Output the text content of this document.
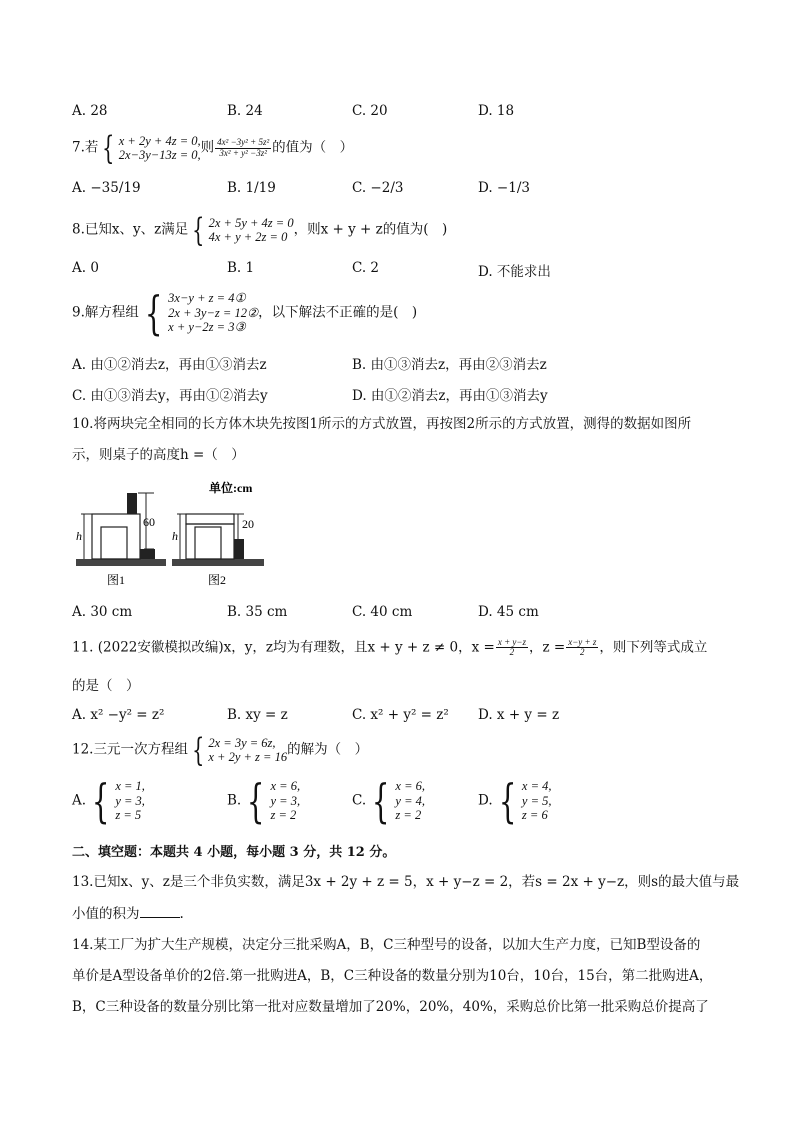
A. 28	B. 24	C. 20	D. 18
7.若 { x + 2y + 4z = 0,
2x−3y−13z = 0, 则 $\frac{\text{4x² −3y² + 5z²}}{\text{3x² + y² −3z²}}$ 的值为（　）
A. −35/19	B. 1/19	C. −2/3	D. −1/3
8.已知x、y、z满足 { 2x + 5y + 4z = 0
4x + y + 2z = 0 ，则x + y + z的值为(　)
A. 0	B. 1	C. 2	D. 不能求出
9.解方程组 { 3x−y + z = 4①
2x + 3y−z = 12②
x + y−2z = 3③
，以下解法不正確的是(　)
A. 由①②消去z，再由①③消去z	B. 由①③消去z，再由②③消去z
C. 由①③消去y，再由①②消去y	D. 由①②消去z，再由①③消去y
10.将两块完全相同的长方体木块先按图1所示的方式放置，再按图2所示的方式放置，测得的数据如图所
示，则桌子的高度h =（　）
h
60
图1
h
20
单位:cm
图2
A. 30 cm	B. 35 cm	C. 40 cm	D. 45 cm
11. (2022安徽模拟改编)x，y，z均为有理数，且x + y + z ≠ 0，$x = \frac{x + y-z}{2}$ ，$z = \frac{x-y + z}{2}$ ，则下列等式成立
的是（　）
A. x² −y² = z²	B. xy = z	C. x² + y² = z² D. x + y = z
12.三元一次方程组 { 2x = 3y = 6z,
x + 2y + z = 16 的解为（　）
A. { x = 1,
y = 3,
z = 5
B. { x = 6,
y = 3,
z = 2
C. { x = 6,
y = 4,
z = 2
D. { x = 4,
y = 5,
z = 6
二、填空题：本题共 4 小题，每小题 3 分，共 12 分。
13.已知x、y、z是三个非负实数，满足3x + 2y + z = 5，x + y−z = 2，若s = 2x + y−z，则s的最大值与最
小值的积为	.
14.某工厂为扩大生产规模，决定分三批采购A，B，C三种型号的设备，以加大生产力度，已知B型设备的
单价是A型设备单价的2倍.第一批购进A，B，C三种设备的数量分别为10台，10台，15台，第二批购进A，
B，C三种设备的数量分别比第一批对应数量增加了20%，20%，40%，采购总价比第一批采购总价提高了
